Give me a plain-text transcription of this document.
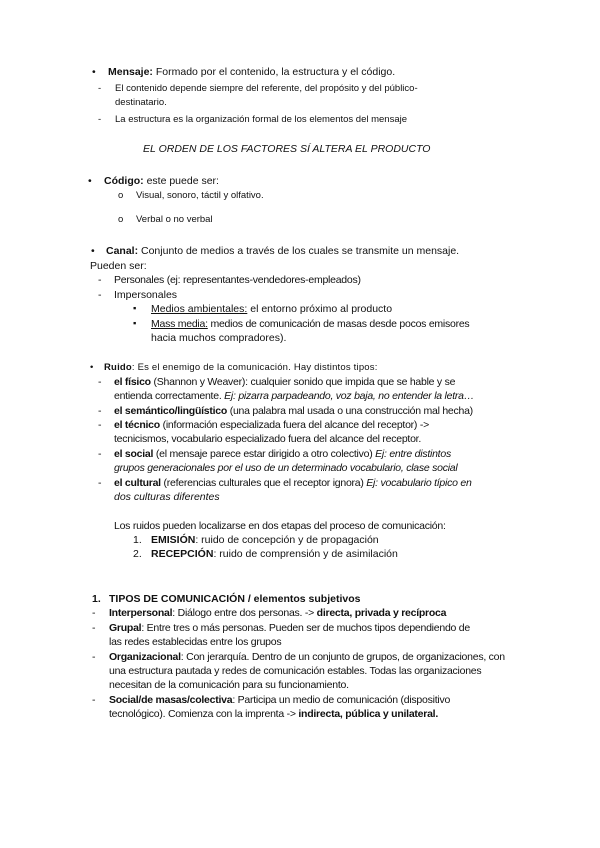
• Mensaje: Formado por el contenido, la estructura y el código.
- El contenido depende siempre del referente, del propósito y del público-
destinatario.
- La estructura es la organización formal de los elementos del mensaje
EL ORDEN DE LOS FACTORES SÍ ALTERA EL PRODUCTO
• Código: este puede ser:
o Visual, sonoro, táctil y olfativo.
o Verbal o no verbal
• Canal: Conjunto de medios a través de los cuales se transmite un mensaje.
Pueden ser:
- Personales (ej: representantes-vendedores-empleados)
- Impersonales
▪ Medios ambientales: el entorno próximo al producto
▪ Mass media: medios de comunicación de masas desde pocos emisores
hacia muchos compradores).
• Ruido: Es el enemigo de la comunicación. Hay distintos tipos:
- el físico (Shannon y Weaver): cualquier sonido que impida que se hable y se
entienda correctamente. Ej: pizarra parpadeando, voz baja, no entender la letra…
- el semántico/lingüístico (una palabra mal usada o una construcción mal hecha)
- el técnico (información especializada fuera del alcance del receptor) ->
tecnicismos, vocabulario especializado fuera del alcance del receptor.
- el social (el mensaje parece estar dirigido a otro colectivo) Ej: entre distintos
grupos generacionales por el uso de un determinado vocabulario, clase social
- el cultural (referencias culturales que el receptor ignora) Ej: vocabulario típico en
dos culturas diferentes
Los ruidos pueden localizarse en dos etapas del proceso de comunicación:
1. EMISIÓN: ruido de concepción y de propagación
2. RECEPCIÓN: ruido de comprensión y de asimilación
1. TIPOS DE COMUNICACIÓN / elementos subjetivos
- Interpersonal: Diálogo entre dos personas. -> directa, privada y recíproca
- Grupal: Entre tres o más personas. Pueden ser de muchos tipos dependiendo de
las redes establecidas entre los grupos
- Organizacional: Con jerarquía. Dentro de un conjunto de grupos, de organizaciones, con
una estructura pautada y redes de comunicación estables. Todas las organizaciones
necesitan de la comunicación para su funcionamiento.
- Social/de masas/colectiva: Participa un medio de comunicación (dispositivo
tecnológico). Comienza con la imprenta -> indirecta, pública y unilateral.
